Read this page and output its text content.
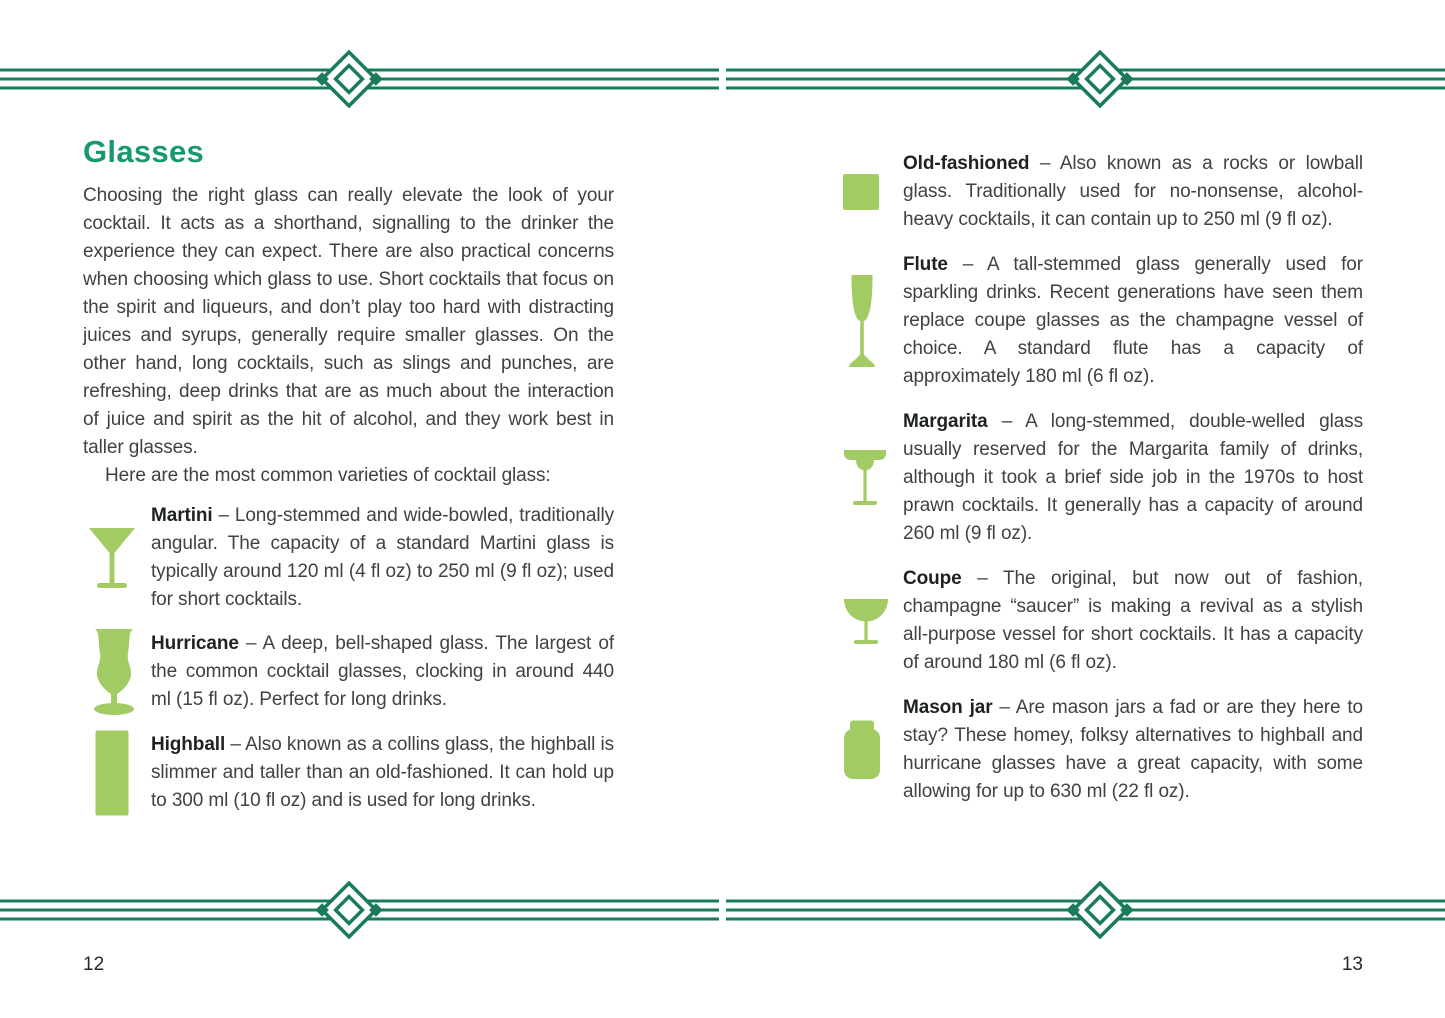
Glasses

Choosing the right glass can really elevate the look of your cocktail. It acts as a shorthand, signalling to the drinker the experience they can expect. There are also practical concerns when choosing which glass to use. Short cocktails that focus on the spirit and liqueurs, and don’t play too hard with distracting juices and syrups, generally require smaller glasses. On the other hand, long cocktails, such as slings and punches, are refreshing, deep drinks that are as much about the interaction of juice and spirit as the hit of alcohol, and they work best in taller glasses.

Here are the most common varieties of cocktail glass:

Martini – Long-stemmed and wide-bowled, traditionally angular. The capacity of a standard Martini glass is typically around 120 ml (4 fl oz) to 250 ml (9 fl oz); used for short cocktails.

Hurricane – A deep, bell-shaped glass. The largest of the common cocktail glasses, clocking in around 440 ml (15 fl oz). Perfect for long drinks.

Highball – Also known as a collins glass, the highball is slimmer and taller than an old-fashioned. It can hold up to 300 ml (10 fl oz) and is used for long drinks.

Old-fashioned – Also known as a rocks or lowball glass. Traditionally used for no-nonsense, alcohol-heavy cocktails, it can contain up to 250 ml (9 fl oz).

Flute – A tall-stemmed glass generally used for sparkling drinks. Recent generations have seen them replace coupe glasses as the champagne vessel of choice. A standard flute has a capacity of approximately 180 ml (6 fl oz).

Margarita – A long-stemmed, double-welled glass usually reserved for the Margarita family of drinks, although it took a brief side job in the 1970s to host prawn cocktails. It generally has a capacity of around 260 ml (9 fl oz).

Coupe – The original, but now out of fashion, champagne “saucer” is making a revival as a stylish all-purpose vessel for short cocktails. It has a capacity of around 180 ml (6 fl oz).

Mason jar – Are mason jars a fad or are they here to stay? These homey, folksy alternatives to highball and hurricane glasses have a great capacity, with some allowing for up to 630 ml (22 fl oz).

12	13
